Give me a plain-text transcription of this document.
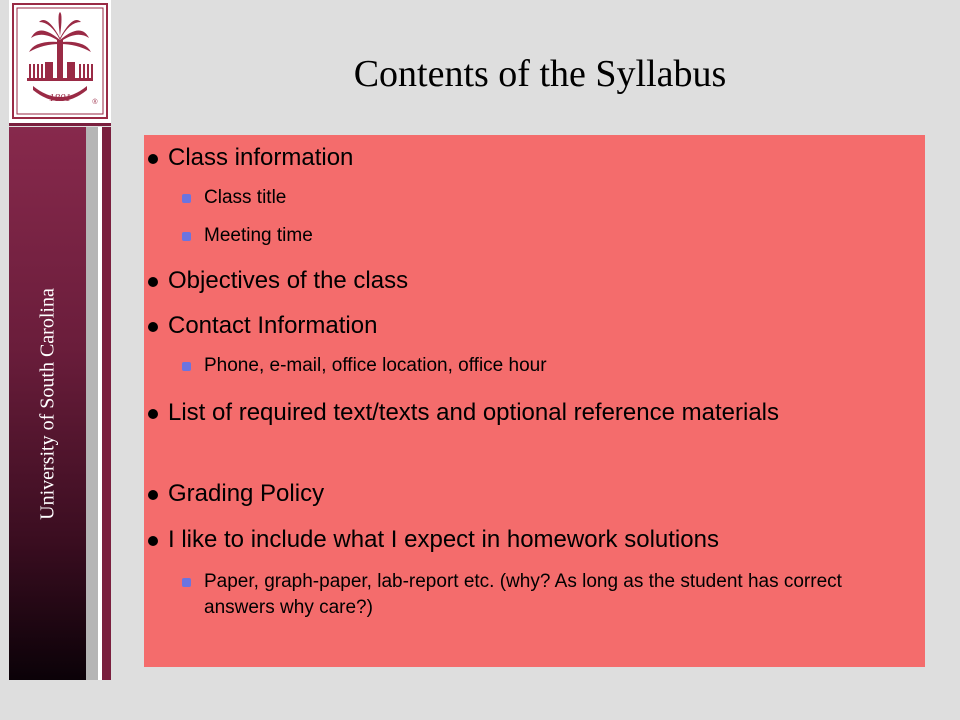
1801	®
University of South Carolina
Contents of the Syllabus
Class information
Class title
Meeting time
Objectives of the class
Contact Information
Phone, e-mail, office location, office hour
List of required text/texts and optional reference materials
Grading Policy
I like to include what I expect in homework solutions
Paper, graph-paper, lab-report etc. (why? As long as the student has correct answers why care?)
